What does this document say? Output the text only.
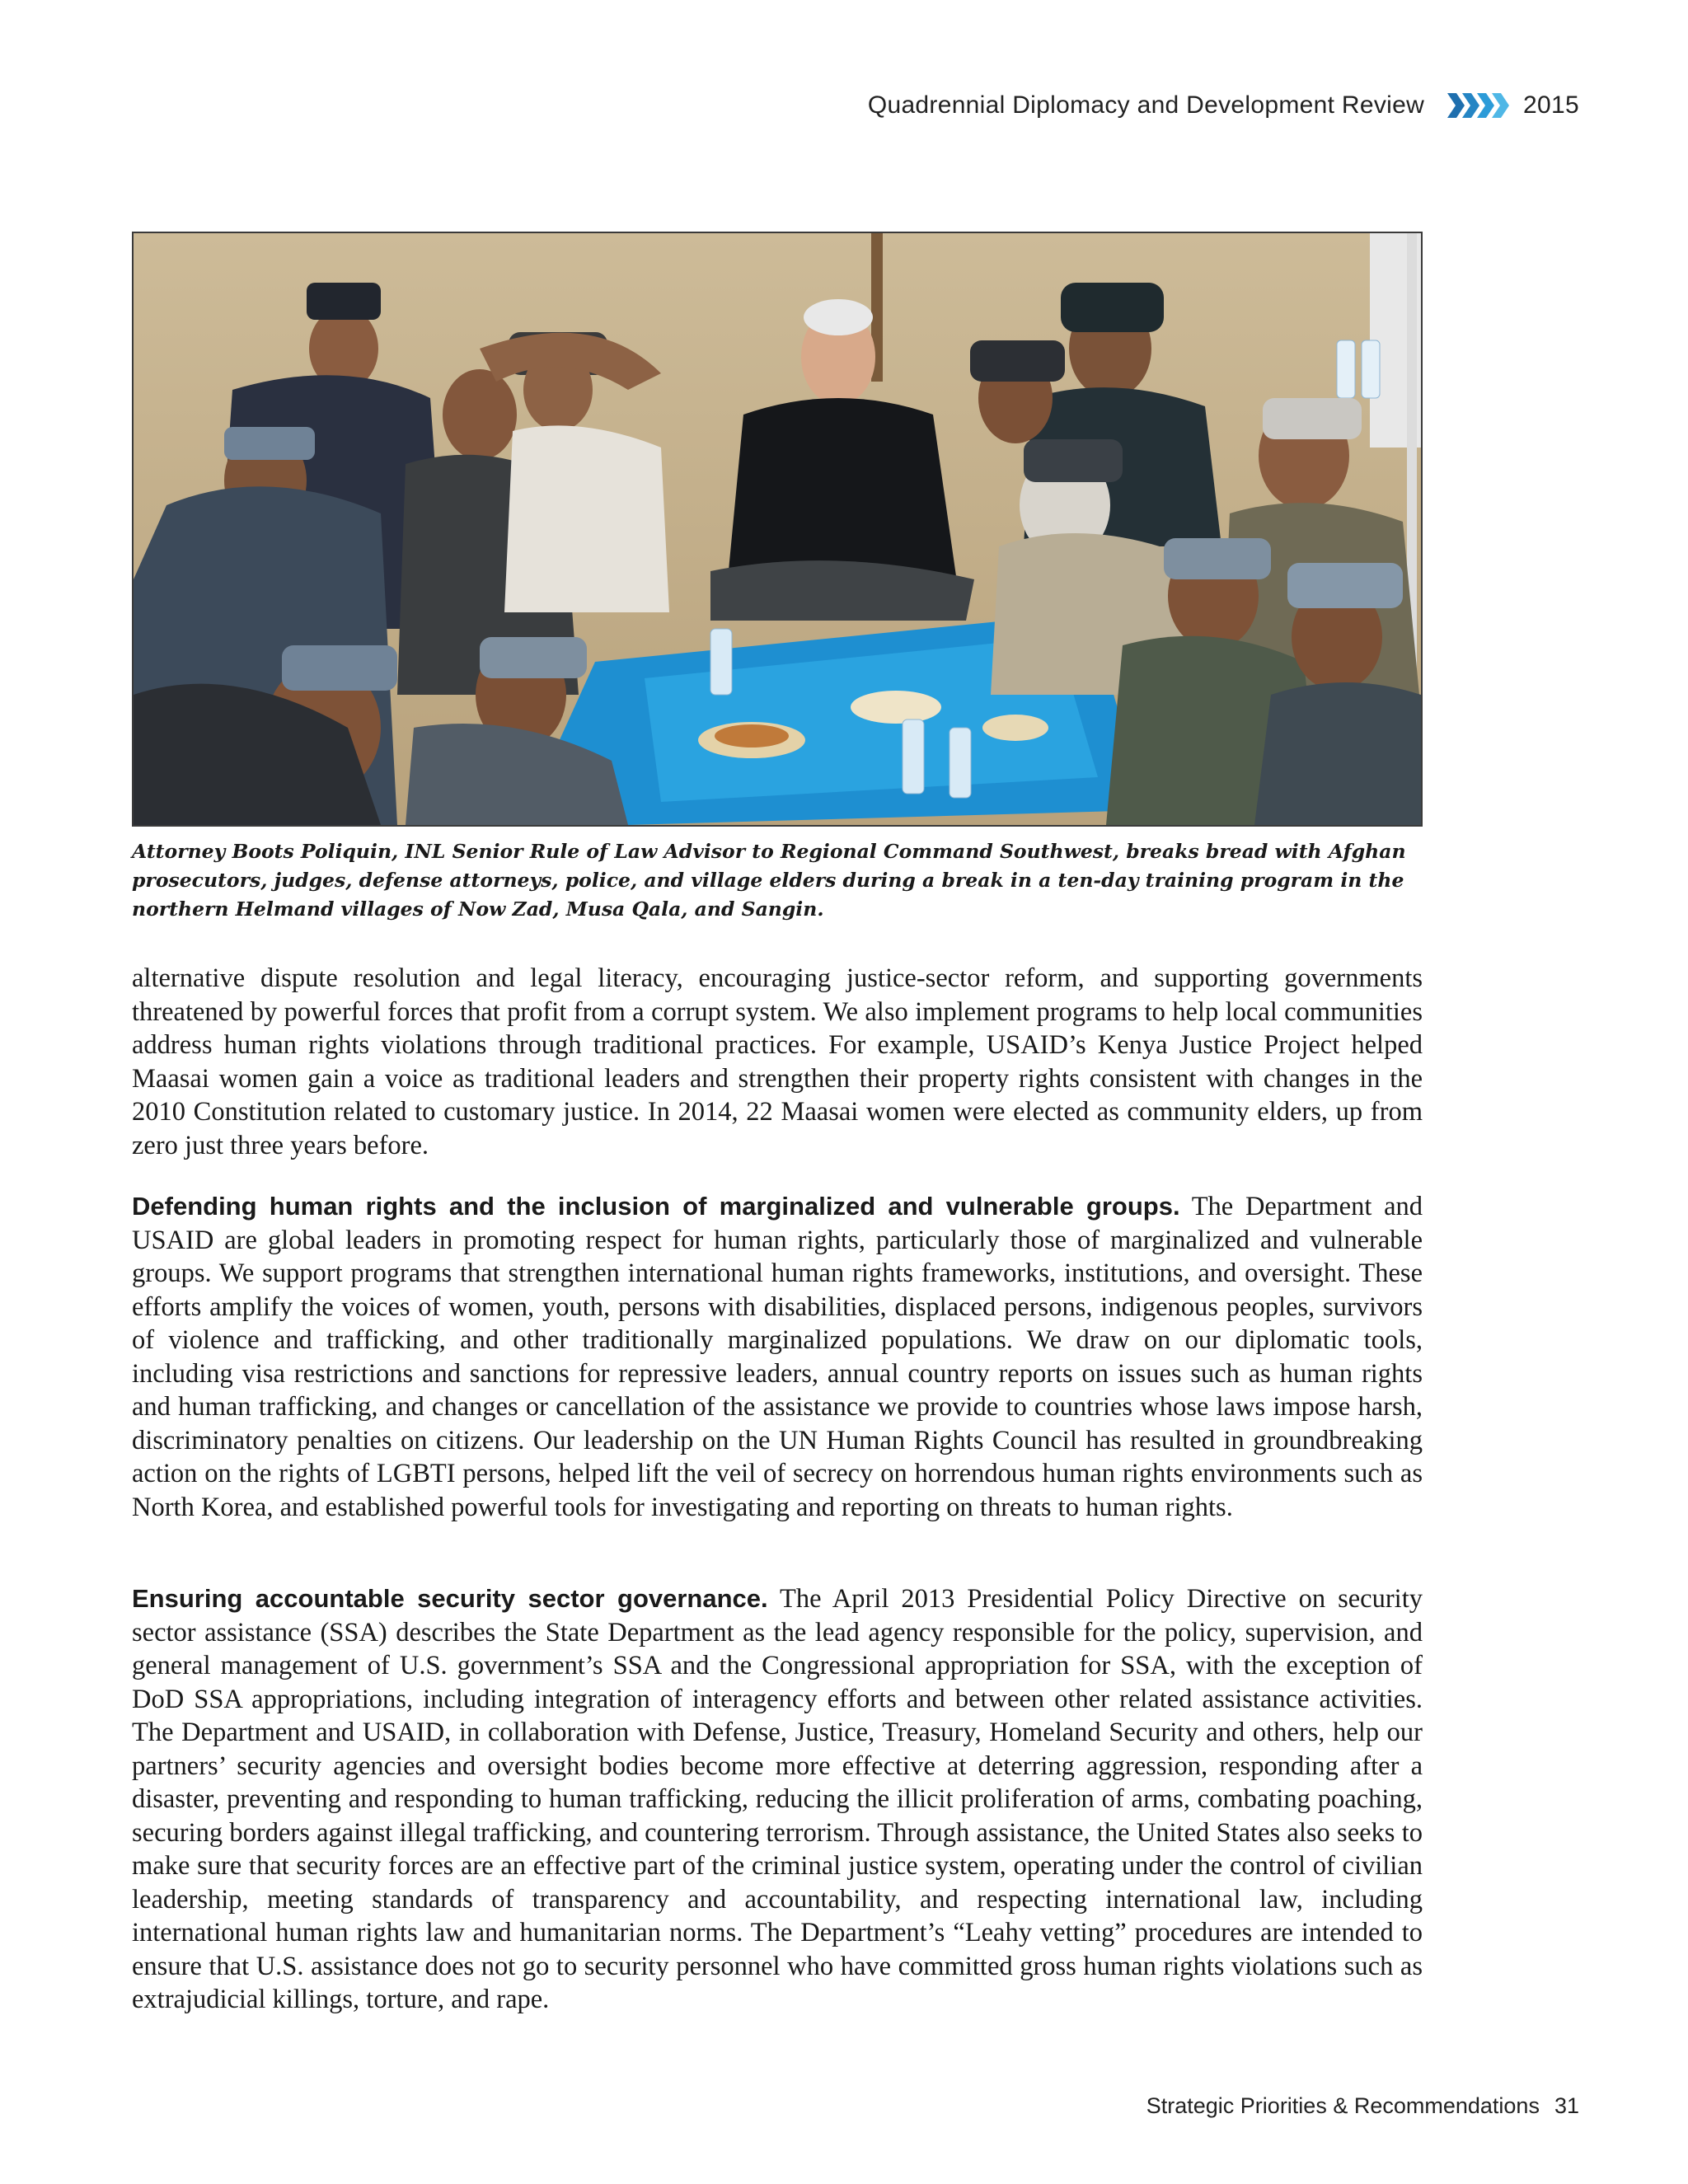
Quadrennial Diplomacy and Development Review	2015

Attorney Boots Poliquin, INL Senior Rule of Law Advisor to Regional Command Southwest, breaks bread with Afghan prosecutors, judges, defense attorneys, police, and village elders during a break in a ten-day training program in the northern Helmand villages of Now Zad, Musa Qala, and Sangin.

alternative dispute resolution and legal literacy, encouraging justice-sector reform, and supporting governments threatened by powerful forces that profit from a corrupt system. We also implement programs to help local communities address human rights violations through traditional practices. For example, USAID’s Kenya Justice Project helped Maasai women gain a voice as traditional leaders and strengthen their property rights consistent with changes in the 2010 Constitution related to customary justice. In 2014, 22 Maasai women were elected as community elders, up from zero just three years before.

Defending human rights and the inclusion of marginalized and vulnerable groups. The Department and USAID are global leaders in promoting respect for human rights, particularly those of marginalized and vulnerable groups. We support programs that strengthen international human rights frameworks, institutions, and oversight. These efforts amplify the voices of women, youth, persons with disabilities, displaced persons, indigenous peoples, survivors of violence and trafficking, and other traditionally marginalized populations. We draw on our diplomatic tools, including visa restrictions and sanctions for repressive leaders, annual country reports on issues such as human rights and human trafficking, and changes or cancellation of the assistance we provide to countries whose laws impose harsh, discriminatory penalties on citizens. Our leadership on the UN Human Rights Council has resulted in groundbreaking action on the rights of LGBTI persons, helped lift the veil of secrecy on horrendous human rights environments such as North Korea, and established powerful tools for investigating and reporting on threats to human rights.

Ensuring accountable security sector governance. The April 2013 Presidential Policy Directive on security sector assistance (SSA) describes the State Department as the lead agency responsible for the policy, supervision, and general management of U.S. government’s SSA and the Congressional appropriation for SSA, with the exception of DoD SSA appropriations, including integration of interagency efforts and between other related assistance activities. The Department and USAID, in collaboration with Defense, Justice, Treasury, Homeland Security and others, help our partners’ security agencies and oversight bodies become more effective at deterring aggression, responding after a disaster, preventing and responding to human trafficking, reducing the illicit proliferation of arms, combating poaching, securing borders against illegal trafficking, and countering terrorism. Through assistance, the United States also seeks to make sure that security forces are an effective part of the criminal justice system, operating under the control of civilian leadership, meeting standards of transparency and accountability, and respecting international law, including international human rights law and humanitarian norms. The Department’s “Leahy vetting” procedures are intended to ensure that U.S. assistance does not go to security personnel who have committed gross human rights violations such as extrajudicial killings, torture, and rape.

Strategic Priorities & Recommendations 31
